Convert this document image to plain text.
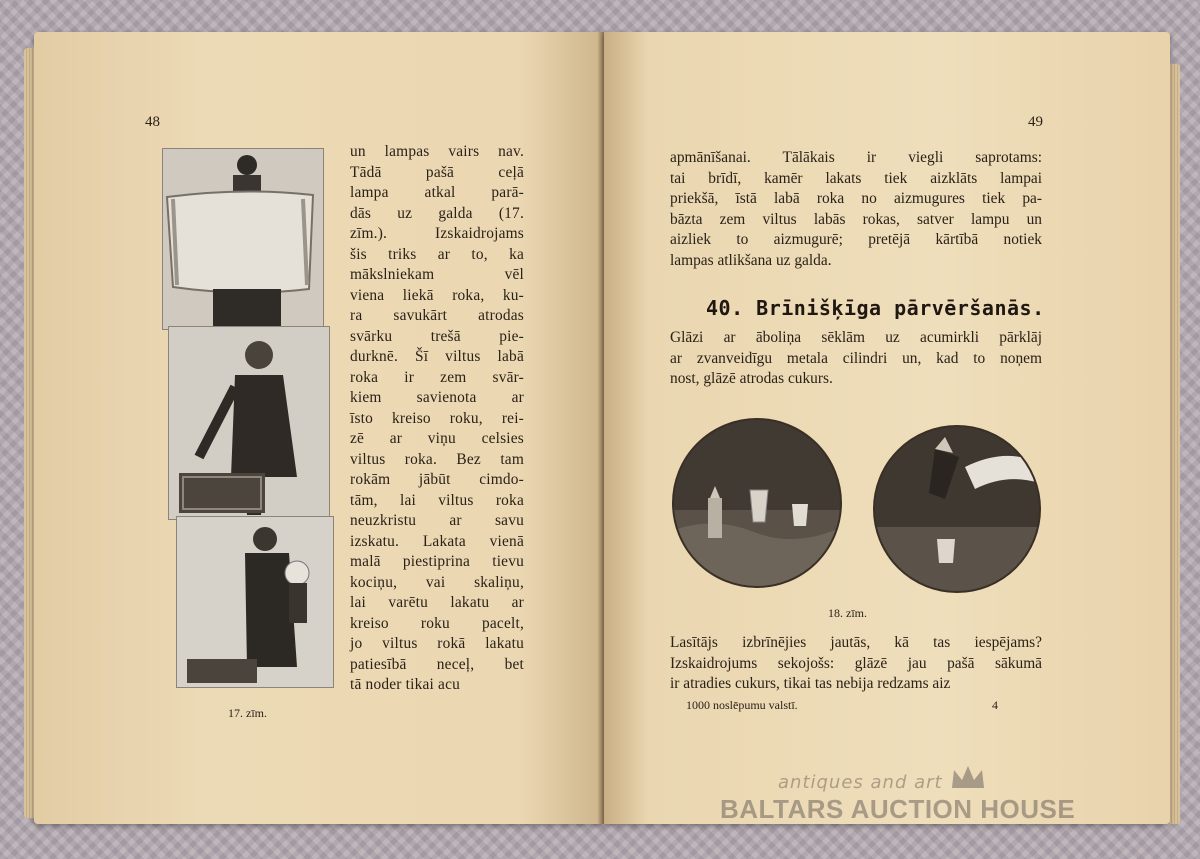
48
17. zīm.
un lampas vairs nav.
Tādā pašā ceļā
lampa atkal parā-
dās uz galda (17.
zīm.). Izskaidrojams
šis triks ar to, ka
mākslniekam vēl
viena liekā roka, ku-
ra savukārt atrodas
svārku trešā pie-
durknē. Šī viltus labā
roka ir zem svār-
kiem savienota ar
īsto kreiso roku, rei-
zē ar viņu celsies
viltus roka. Bez tam
rokām jābūt cimdo-
tām, lai viltus roka
neuzkristu ar savu
izskatu. Lakata vienā
malā piestiprina tievu
kociņu, vai skaliņu,
lai varētu lakatu ar
kreiso roku pacelt,
jo viltus rokā lakatu
patiesībā neceļ, bet
tā noder tikai acu
49
apmānīšanai. Tālākais ir viegli saprotams:
tai brīdī, kamēr lakats tiek aizklāts lampai
priekšā, īstā labā roka no aizmugures tiek pa-
bāzta zem viltus labās rokas, satver lampu un
aizliek to aizmugurē; pretējā kārtībā notiek
lampas atlikšana uz galda.
40. Brīnišķīga pārvēršanās.
Glāzi ar āboliņa sēklām uz acumirkli pārklāj
ar zvanveidīgu metala cilindri un, kad to noņem
nost, glāzē atrodas cukurs.
18. zīm.
Lasītājs izbrīnējies jautās, kā tas iespējams?
Izskaidrojums sekojošs: glāzē jau pašā sākumā
ir atradies cukurs, tikai tas nebija redzams aiz
1000 noslēpumu valstī.	4
antiques and art
BALTARS AUCTION HOUSE
